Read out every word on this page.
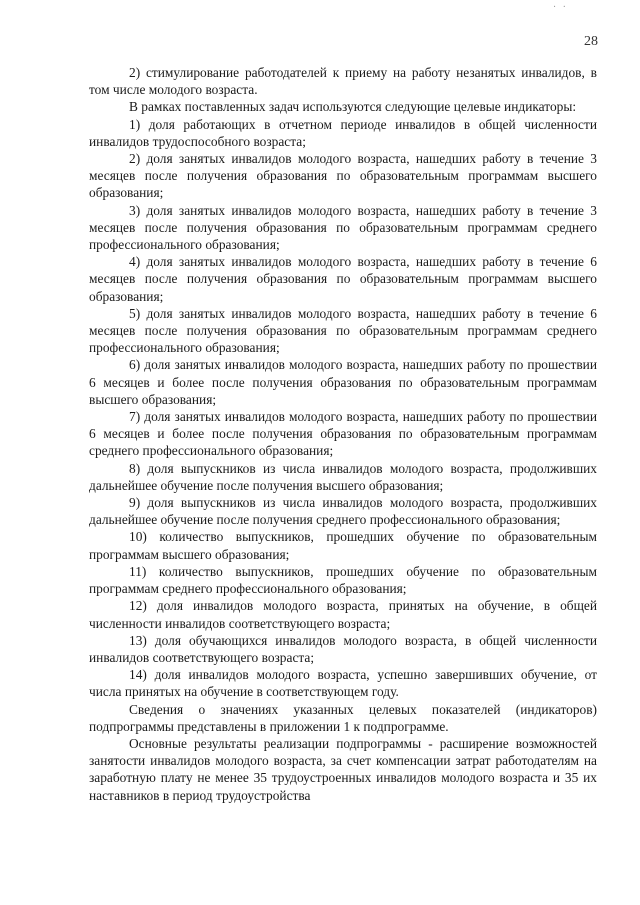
· ·
28

2) стимулирование работодателей к приему на работу незанятых инвалидов, в том числе молодого возраста.

В рамках поставленных задач используются следующие целевые индикаторы:

1) доля работающих в отчетном периоде инвалидов в общей численности инвалидов трудоспособного возраста;

2) доля занятых инвалидов молодого возраста, нашедших работу в течение 3 месяцев после получения образования по образовательным программам высшего образования;

3) доля занятых инвалидов молодого возраста, нашедших работу в течение 3 месяцев после получения образования по образовательным программам среднего профессионального образования;

4) доля занятых инвалидов молодого возраста, нашедших работу в течение 6 месяцев после получения образования по образовательным программам высшего образования;

5) доля занятых инвалидов молодого возраста, нашедших работу в течение 6 месяцев после получения образования по образовательным программам среднего профессионального образования;

6) доля занятых инвалидов молодого возраста, нашедших работу по прошествии 6 месяцев и более после получения образования по образовательным программам высшего образования;

7) доля занятых инвалидов молодого возраста, нашедших работу по прошествии 6 месяцев и более после получения образования по образовательным программам среднего профессионального образования;

8) доля выпускников из числа инвалидов молодого возраста, продолживших дальнейшее обучение после получения высшего образования;

9) доля выпускников из числа инвалидов молодого возраста, продолживших дальнейшее обучение после получения среднего профессионального образования;

10) количество выпускников, прошедших обучение по образовательным программам высшего образования;

11) количество выпускников, прошедших обучение по образовательным программам среднего профессионального образования;

12) доля инвалидов молодого возраста, принятых на обучение, в общей численности инвалидов соответствующего возраста;

13) доля обучающихся инвалидов молодого возраста, в общей численности инвалидов соответствующего возраста;

14) доля инвалидов молодого возраста, успешно завершивших обучение, от числа принятых на обучение в соответствующем году.

Сведения о значениях указанных целевых показателей (индикаторов) подпрограммы представлены в приложении 1 к подпрограмме.

Основные результаты реализации подпрограммы - расширение возможностей занятости инвалидов молодого возраста, за счет компенсации затрат работодателям на заработную плату не менее 35 трудоустроенных инвалидов молодого возраста и 35 их наставников в период трудоустройства
